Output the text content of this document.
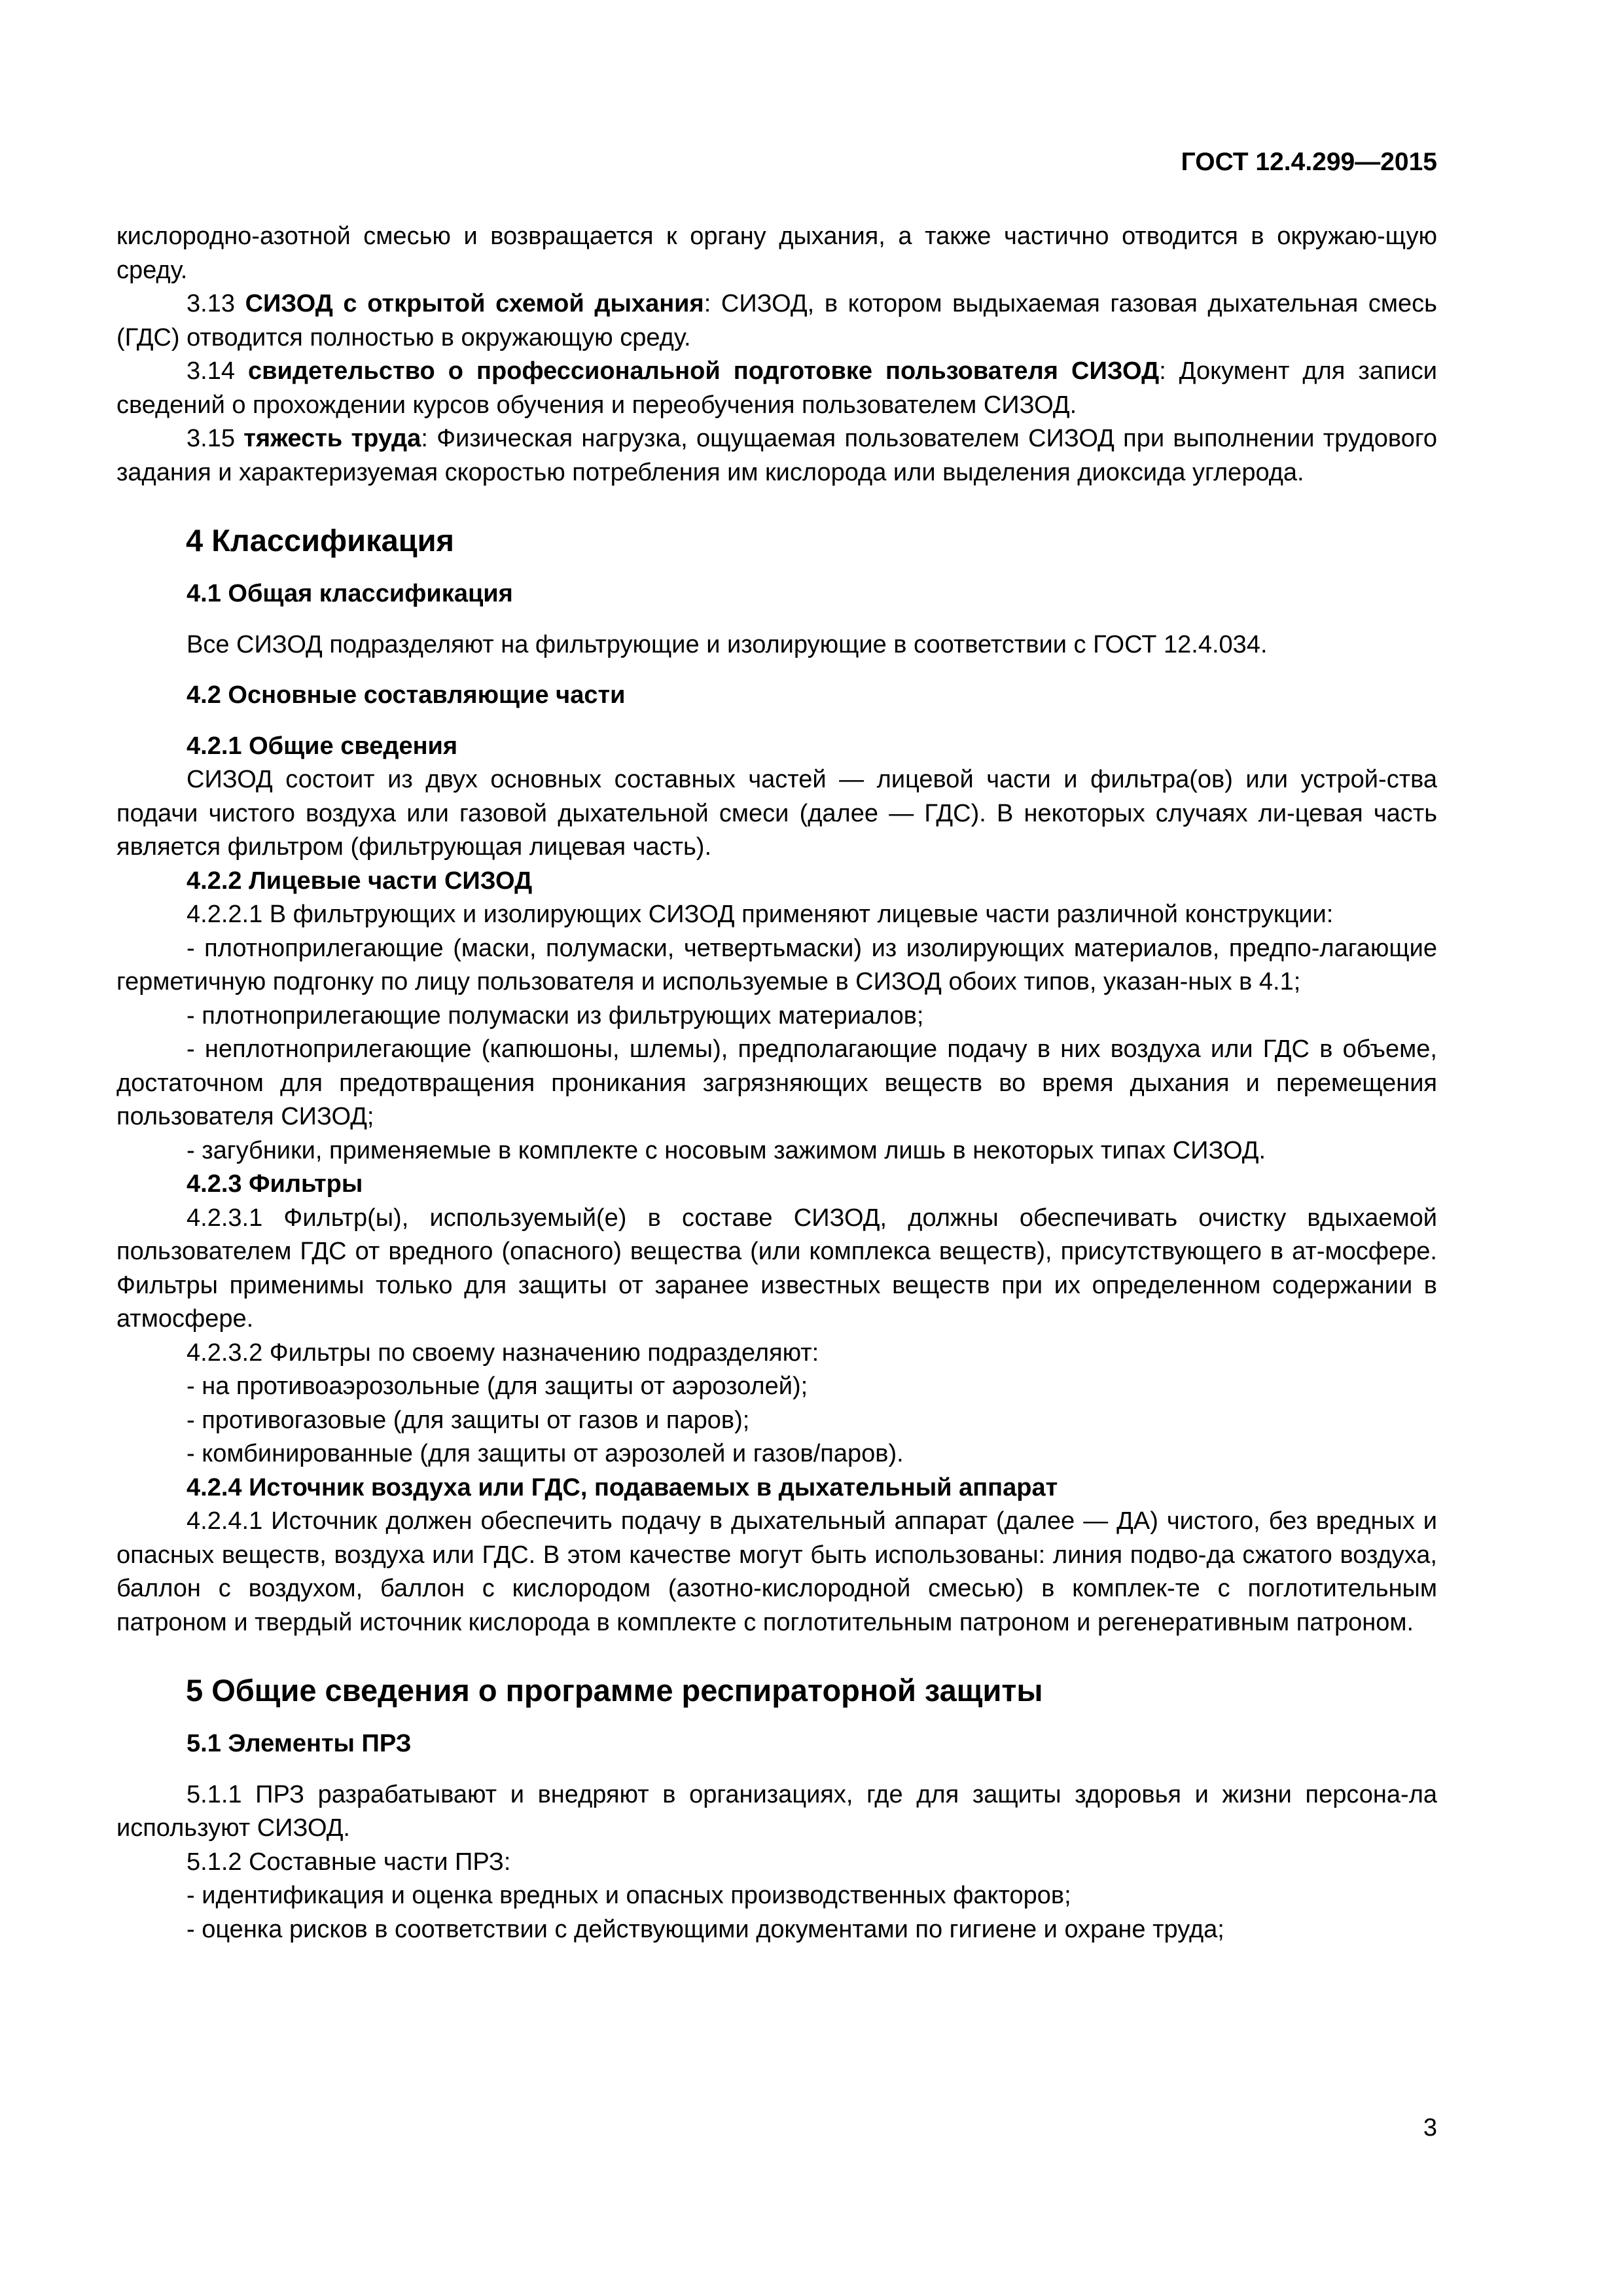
ГОСТ 12.4.299—2015

кислородно-азотной смесью и возвращается к органу дыхания, а также частично отводится в окружаю-щую среду.

3.13 СИЗОД с открытой схемой дыхания: СИЗОД, в котором выдыхаемая газовая дыхательная смесь (ГДС) отводится полностью в окружающую среду.

3.14 свидетельство о профессиональной подготовке пользователя СИЗОД: Документ для записи сведений о прохождении курсов обучения и переобучения пользователем СИЗОД.

3.15 тяжесть труда: Физическая нагрузка, ощущаемая пользователем СИЗОД при выполнении трудового задания и характеризуемая скоростью потребления им кислорода или выделения диоксида углерода.

4 Классификация

4.1 Общая классификация

Все СИЗОД подразделяют на фильтрующие и изолирующие в соответствии с ГОСТ 12.4.034.

4.2 Основные составляющие части

4.2.1 Общие сведения

СИЗОД состоит из двух основных составных частей — лицевой части и фильтра(ов) или устрой-ства подачи чистого воздуха или газовой дыхательной смеси (далее — ГДС). В некоторых случаях ли-цевая часть является фильтром (фильтрующая лицевая часть).

4.2.2 Лицевые части СИЗОД

4.2.2.1 В фильтрующих и изолирующих СИЗОД применяют лицевые части различной конструкции:

- плотноприлегающие (маски, полумаски, четвертьмаски) из изолирующих материалов, предпо-лагающие герметичную подгонку по лицу пользователя и используемые в СИЗОД обоих типов, указан-ных в 4.1;

- плотноприлегающие полумаски из фильтрующих материалов;

- неплотноприлегающие (капюшоны, шлемы), предполагающие подачу в них воздуха или ГДС в объеме, достаточном для предотвращения проникания загрязняющих веществ во время дыхания и перемещения пользователя СИЗОД;

- загубники, применяемые в комплекте с носовым зажимом лишь в некоторых типах СИЗОД.

4.2.3 Фильтры

4.2.3.1 Фильтр(ы), используемый(е) в составе СИЗОД, должны обеспечивать очистку вдыхаемой пользователем ГДС от вредного (опасного) вещества (или комплекса веществ), присутствующего в ат-мосфере. Фильтры применимы только для защиты от заранее известных веществ при их определенном содержании в атмосфере.

4.2.3.2 Фильтры по своему назначению подразделяют:

- на противоаэрозольные (для защиты от аэрозолей);

- противогазовые (для защиты от газов и паров);

- комбинированные (для защиты от аэрозолей и газов/паров).

4.2.4 Источник воздуха или ГДС, подаваемых в дыхательный аппарат

4.2.4.1 Источник должен обеспечить подачу в дыхательный аппарат (далее — ДА) чистого, без вредных и опасных веществ, воздуха или ГДС. В этом качестве могут быть использованы: линия подво-да сжатого воздуха, баллон с воздухом, баллон с кислородом (азотно-кислородной смесью) в комплек-те с поглотительным патроном и твердый источник кислорода в комплекте с поглотительным патроном и регенеративным патроном.

5 Общие сведения о программе респираторной защиты

5.1 Элементы ПРЗ

5.1.1 ПРЗ разрабатывают и внедряют в организациях, где для защиты здоровья и жизни персона-ла используют СИЗОД.

5.1.2 Составные части ПРЗ:

- идентификация и оценка вредных и опасных производственных факторов;

- оценка рисков в соответствии с действующими документами по гигиене и охране труда;

3
